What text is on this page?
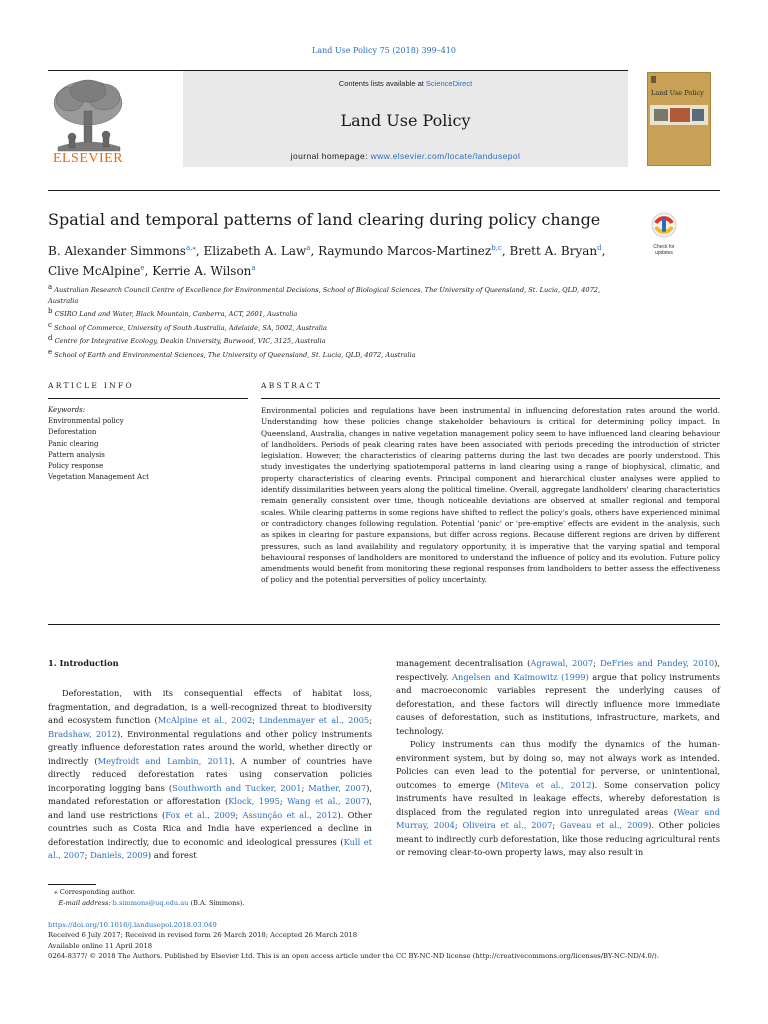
Land Use Policy 75 (2018) 399–410
ELSEVIER
Contents lists available at ScienceDirect
Land Use Policy
journal homepage: www.elsevier.com/locate/landusepol
Land Use Policy
Spatial and temporal patterns of land clearing during policy change
Check for
updates
B. Alexander Simmons$^{a,⁎}$, Elizabeth A. Law$^a$, Raymundo Marcos-Martinez$^{b,c}$, Brett A. Bryan$^d$,
Clive McAlpine$^e$, Kerrie A. Wilson$^a$
$^a$ Australian Research Council Centre of Excellence for Environmental Decisions, School of Biological Sciences, The University of Queensland, St. Lucia, QLD, 4072,
Australia
$^b$ CSIRO Land and Water, Black Mountain, Canberra, ACT, 2601, Australia
$^c$ School of Commerce, University of South Australia, Adelaide, SA, 5002, Australia
$^d$ Centre for Integrative Ecology, Deakin University, Burwood, VIC, 3125, Australia
$^e$ School of Earth and Environmental Sciences, The University of Queensland, St. Lucia, QLD, 4072, Australia
ARTICLE INFO	ABSTRACT
Keywords:
Environmental policy
Deforestation
Panic clearing
Pattern analysis
Policy response
Vegetation Management Act

Environmental policies and regulations have been instrumental in influencing deforestation rates around the world. Understanding how these policies change stakeholder behaviours is critical for determining policy impact. In Queensland, Australia, changes in native vegetation management policy seem to have influenced land clearing behaviour of landholders. Periods of peak clearing rates have been associated with periods preceding the introduction of stricter legislation. However, the characteristics of clearing patterns during the last two decades are poorly understood. This study investigates the underlying spatiotemporal patterns in land clearing using a range of biophysical, climatic, and property characteristics of clearing events. Principal component and hierarchical cluster analyses were applied to identify dissimilarities between years along the political timeline. Overall, aggregate landholders' clearing characteristics remain generally consistent over time, though noticeable deviations are observed at smaller regional and temporal scales. While clearing patterns in some regions have shifted to reflect the policy's goals, others have experienced minimal or contradictory changes following regulation. Potential 'panic' or 'pre-emptive' effects are evident in the analysis, such as spikes in clearing for pasture expansions, but differ across regions. Because different regions are driven by different pressures, such as land availability and regulatory opportunity, it is imperative that the varying spatial and temporal behavioural responses of landholders are monitored to understand the influence of policy and its evolution. Future policy amendments would benefit from monitoring these regional responses from landholders to better assess the effectiveness of policy and the potential perversities of policy uncertainty.

1. Introduction

Deforestation, with its consequential effects of habitat loss, fragmentation, and degradation, is a well-recognized threat to biodiversity and ecosystem function (McAlpine et al., 2002; Lindenmayer et al., 2005; Bradshaw, 2012). Environmental regulations and other policy instruments greatly influence deforestation rates around the world, whether directly or indirectly (Meyfroidt and Lambin, 2011). A number of countries have directly reduced deforestation rates using conservation policies incorporating logging bans (Southworth and Tucker, 2001; Mather, 2007), mandated reforestation or afforestation (Klock, 1995; Wang et al., 2007), and land use restrictions (Fox et al., 2009; Assunção et al., 2012). Other countries such as Costa Rica and India have experienced a decline in deforestation indirectly, due to economic and ideological pressures (Kull et al., 2007; Daniels, 2009) and forest

management decentralisation (Agrawal, 2007; DeFries and Pandey, 2010), respectively. Angelsen and Kaimowitz (1999) argue that policy instruments and macroeconomic variables represent the underlying causes of deforestation, and these factors will directly influence more immediate causes of deforestation, such as institutions, infrastructure, markets, and technology.

Policy instruments can thus modify the dynamics of the human-environment system, but by doing so, may not always work as intended. Policies can even lead to the potential for perverse, or unintentional, outcomes to emerge (Miteva et al., 2012). Some conservation policy instruments have resulted in leakage effects, whereby deforestation is displaced from the regulated region into unregulated areas (Wear and Murray, 2004; Oliveira et al., 2007; Gaveau et al., 2009). Other policies meant to indirectly curb deforestation, like those reducing agricultural rents or removing clear-to-own property laws, may also result in

⁎ Corresponding author.
E-mail address: b.simmons@uq.edu.au (B.A. Simmons).
https://doi.org/10.1016/j.landusepol.2018.03.049
Received 6 July 2017; Received in revised form 26 March 2018; Accepted 26 March 2018
Available online 11 April 2018
0264-8377/ © 2018 The Authors. Published by Elsevier Ltd. This is an open access article under the CC BY-NC-ND license (http://creativecommons.org/licenses/BY-NC-ND/4.0/).
